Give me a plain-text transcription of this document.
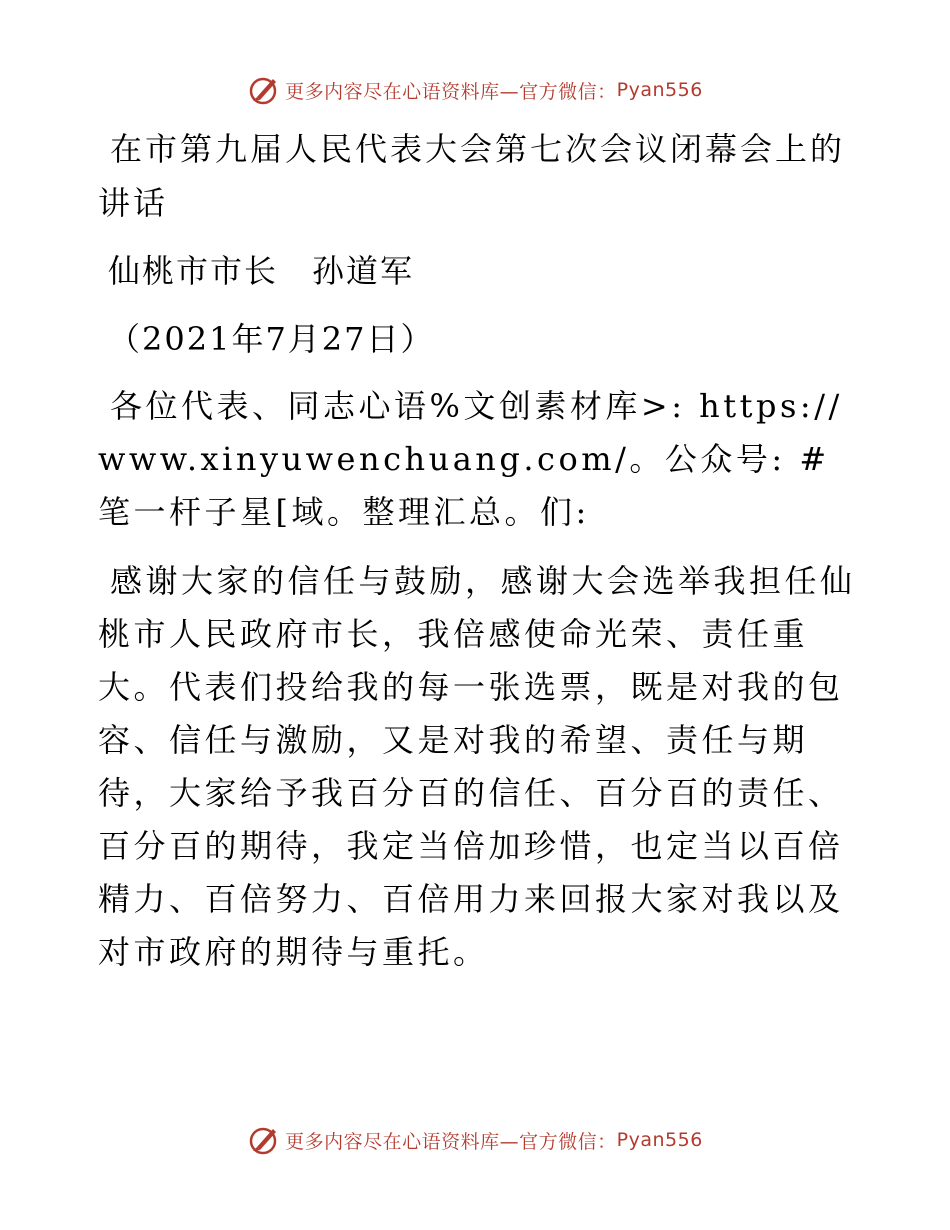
更多内容尽在心语资料库—官方微信： Pyan556
在市第九届人民代表大会第七次会议闭幕会上的讲话

仙桃市市长　孙道军

（2021年7月27日）

各位代表、同志心语%文创素材库>: https:// www.xinyuwenchuang.com/。公众号: #笔一杆子星[域。整理汇总。们:

感谢大家的信任与鼓励，感谢大会选举我担任仙桃市人民政府市长，我倍感使命光荣、责任重大。代表们投给我的每一张选票，既是对我的包容、信任与激励，又是对我的希望、责任与期待，大家给予我百分百的信任、百分百的责任、百分百的期待，我定当倍加珍惜，也定当以百倍精力、百倍努力、百倍用力来回报大家对我以及对市政府的期待与重托。

更多内容尽在心语资料库—官方微信： Pyan556
